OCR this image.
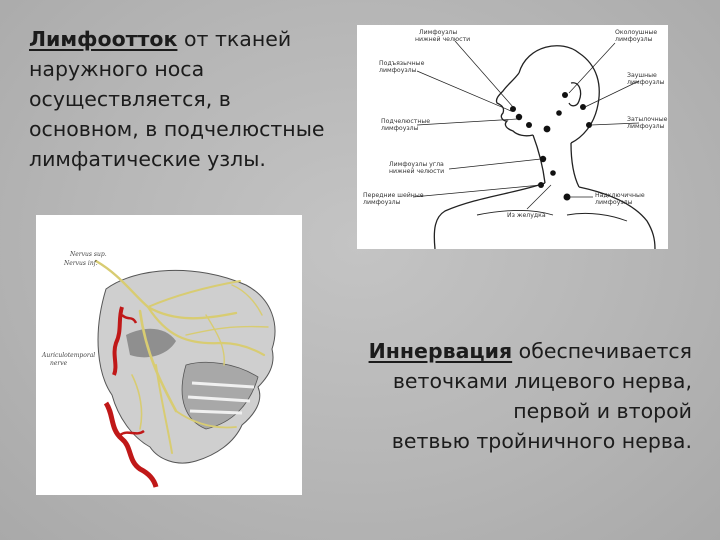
Лимфоотток от тканей
наружного носа
осуществляется, в
основном, в подчелюстные
лимфатические узлы.

Лимфоузлы
нижней челюсти
Околоушные
лимфоузлы
Подъязычные
лимфоузлы
Заушные
лимфоузлы
Подчелюстные
лимфоузлы
Затылочные
лимфоузлы
Лимфоузлы угла
нижней челюсти
Передние шейные
лимфоузлы
Надключичные
лимфоузлы
Из желудка
Nervus sup.
Nervus inf.
Auriculotemporal
nerve

Иннервация обеспечивается
веточками лицевого нерва,
первой и второй
ветвью тройничного нерва.
